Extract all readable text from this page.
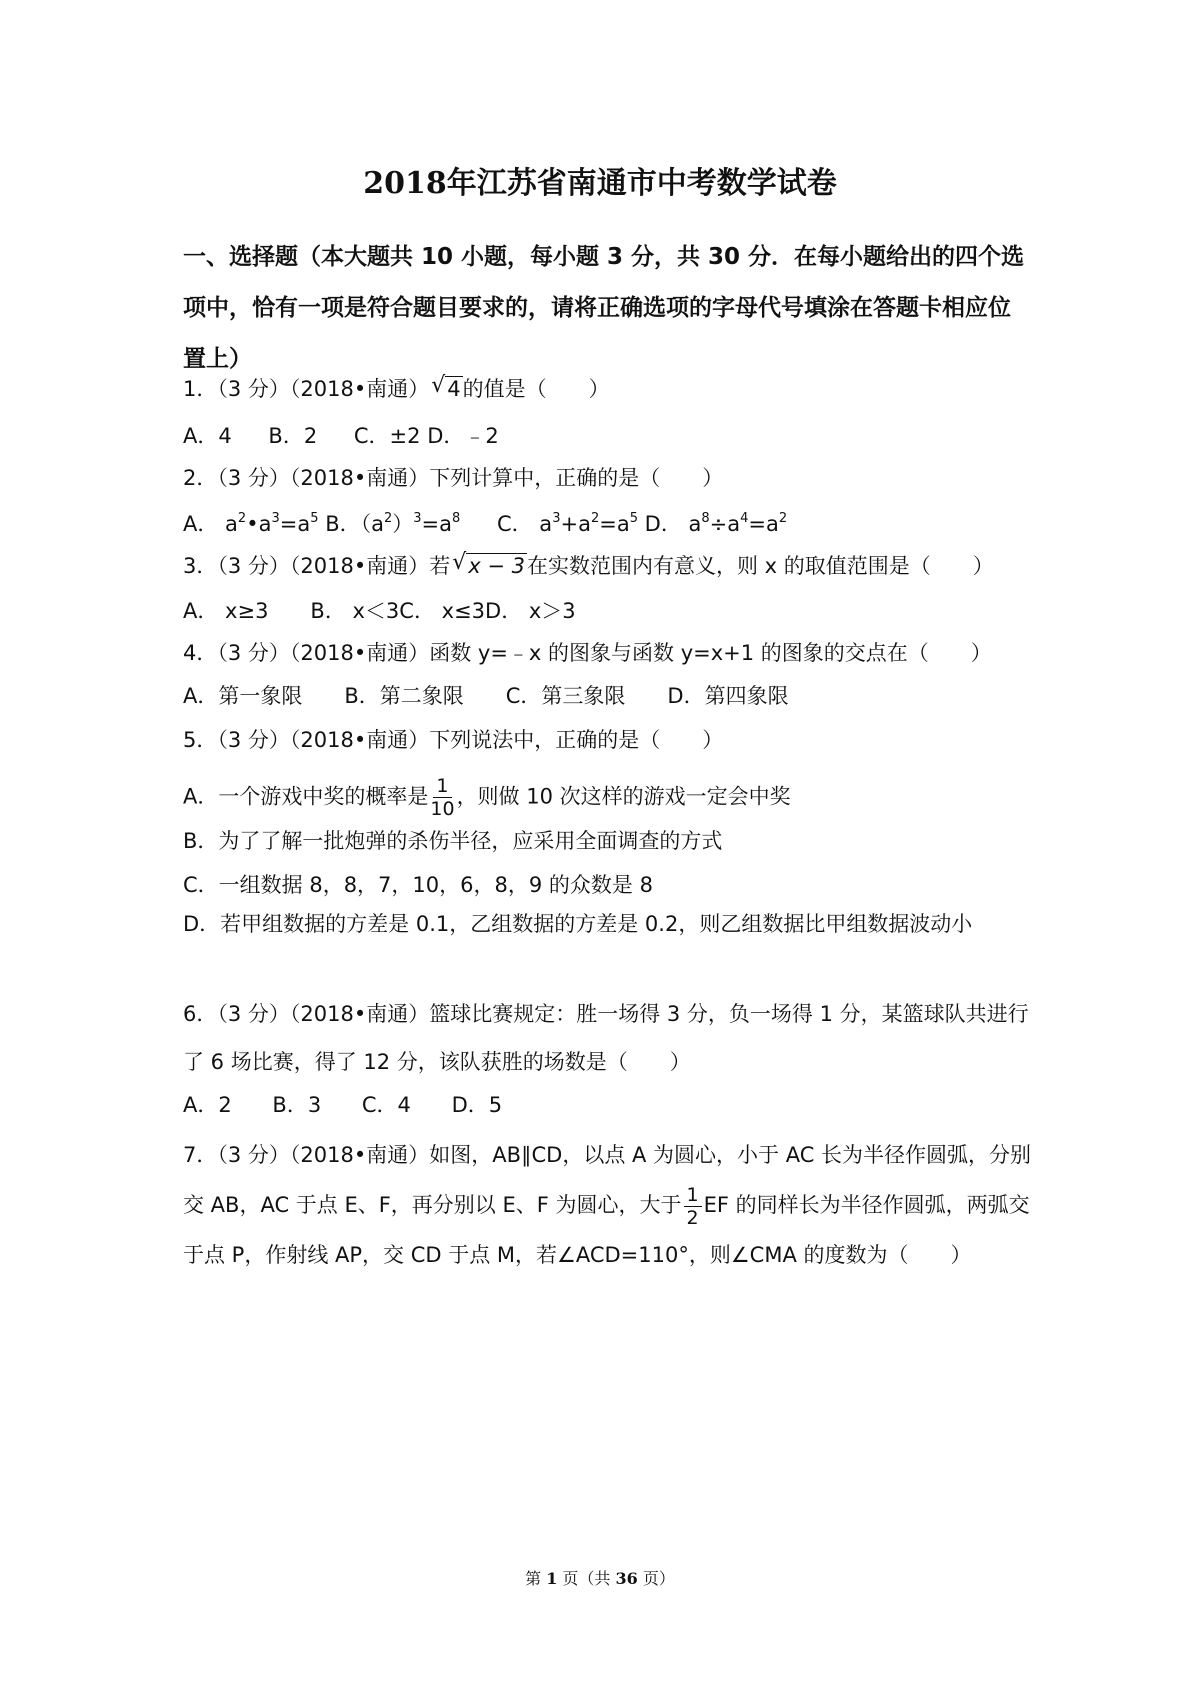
2018年江苏省南通市中考数学试卷
一、选择题（本大题共 10 小题，每小题 3 分，共 30 分．在每小题给出的四个选项中，恰有一项是符合题目要求的，请将正确选项的字母代号填涂在答题卡相应位置上）
1．（3 分）（2018•南通） √ 4的值是（　　）
A．4 B．2 C．±2 D．﹣2
2．（3 分）（2018•南通）下列计算中，正确的是（　　）
A． $a^2•a^3=a^5$ B．$(a^2)^3=a^8$ C． $a^3+a^2=a^5$ D． $a^8\div a^4=a^2$
3．（3 分）（2018•南通）若 √ x − 3在实数范围内有意义，则 x 的取值范围是（　　）
A． x≥3　　B． x＜3C． x≤3D． x＞3
4．（3 分）（2018•南通）函数 y=﹣x 的图象与函数 y=x+1 的图象的交点在（　　）
A．第一象限　　B．第二象限　　C．第三象限　　D．第四象限
5．（3 分）（2018•南通）下列说法中，正确的是（　　）
A．一个游戏中奖的概率是 $\frac{1}{10}$ ，则做 10 次这样的游戏一定会中奖
B．为了了解一批炮弹的杀伤半径，应采用全面调查的方式
C．一组数据 8，8，7，10，6，8，9 的众数是 8
D．若甲组数据的方差是 0.1，乙组数据的方差是 0.2，则乙组数据比甲组数据波动小
6．（3 分）（2018•南通）篮球比赛规定：胜一场得 3 分，负一场得 1 分，某篮球队共进行了 6 场比赛，得了 12 分，该队获胜的场数是（　　）
A．2 B．3 C．4 D．5
7．（3 分）（2018•南通）如图，AB∥CD，以点 A 为圆心，小于 AC 长为半径作圆弧，分别交 AB，AC 于点 E、F，再分别以 E、F 为圆心，大于 $\frac{1}{2}$ EF 的同样长为半径作圆弧，两弧交于点 P，作射线 AP，交 CD 于点 M，若∠ACD=110°，则∠CMA 的度数为（　　）
第 1 页（共 36 页）
